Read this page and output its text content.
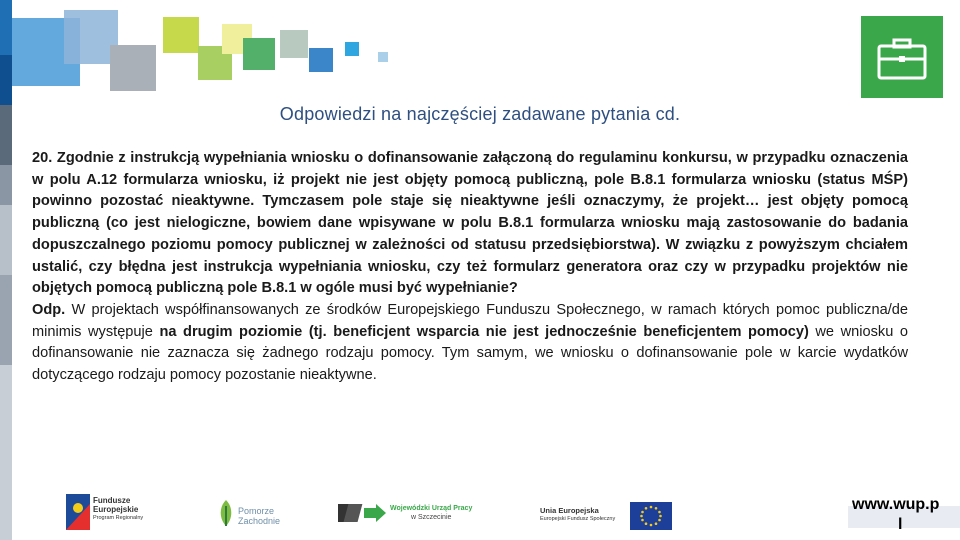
Odpowiedzi na najczęściej zadawane pytania cd.

20. Zgodnie z instrukcją wypełniania wniosku o dofinansowanie załączoną do regulaminu konkursu, w przypadku oznaczenia w polu A.12 formularza wniosku, iż projekt nie jest objęty pomocą publiczną, pole B.8.1 formularza wniosku (status MŚP) powinno pozostać nieaktywne. Tymczasem pole staje się nieaktywne jeśli oznaczymy, że projekt… jest objęty pomocą publiczną (co jest nielogiczne, bowiem dane wpisywane w polu B.8.1 formularza wniosku mają zastosowanie do badania dopuszczalnego poziomu pomocy publicznej w zależności od statusu przedsiębiorstwa). W związku z powyższym chciałem ustalić, czy błędna jest instrukcja wypełniania wniosku, czy też formularz generatora oraz czy w przypadku projektów nie objętych pomocą publiczną pole B.8.1 w ogóle musi być wypełnianie?

Odp. W projektach współfinansowanych ze środków Europejskiego Funduszu Społecznego, w ramach których pomoc publiczna/de minimis występuje na drugim poziomie (tj. beneficjent wsparcia nie jest jednocześnie beneficjentem pomocy) we wniosku o dofinansowanie nie zaznacza się żadnego rodzaju pomocy. Tym samym, we wniosku o dofinansowanie pole w karcie wydatków dotyczącego rodzaju pomocy pozostanie nieaktywne.

Fundusze
Europejskie
Program Regionalny
Pomorze
Zachodnie
Wojewódzki Urząd Pracy
w Szczecinie
Unia Europejska
Europejski Fundusz Społeczny
www.wup.p
l
